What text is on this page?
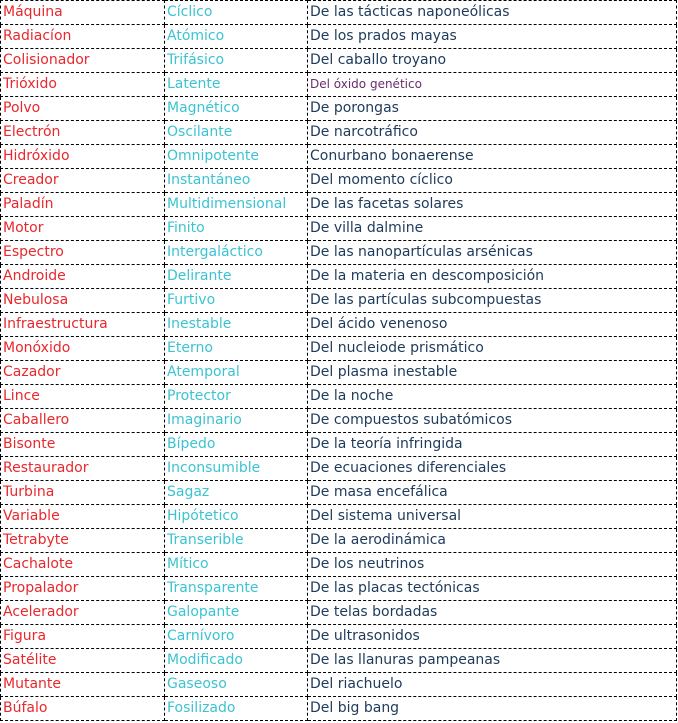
Máquina	Cíclico	De las tácticas naponeólicas
Radiacíon	Atómico	De los prados mayas
Colisionador	Trifásico	Del caballo troyano
Trióxido	Latente	Del óxido genético
Polvo	Magnético	De porongas
Electrón	Oscilante	De narcotráfico
Hidróxido	Omnipotente	Conurbano bonaerense
Creador	Instantáneo	Del momento cíclico
Paladín	Multidimensional	De las facetas solares
Motor	Finito	De villa dalmine
Espectro	Intergaláctico	De las nanopartículas arsénicas
Androide	Delirante	De la materia en descomposición
Nebulosa	Furtivo	De las partículas subcompuestas
Infraestructura	Inestable	Del ácido venenoso
Monóxido	Eterno	Del nucleiode prismático
Cazador	Atemporal	Del plasma inestable
Lince	Protector	De la noche
Caballero	Imaginario	De compuestos subatómicos
Bisonte	Bípedo	De la teoría infringida
Restaurador	Inconsumible	De ecuaciones diferenciales
Turbina	Sagaz	De masa encefálica
Variable	Hipótetico	Del sistema universal
Tetrabyte	Transerible	De la aerodinámica
Cachalote	Mítico	De los neutrinos
Propalador	Transparente	De las placas tectónicas
Acelerador	Galopante	De telas bordadas
Figura	Carnívoro	De ultrasonidos
Satélite	Modificado	De las llanuras pampeanas
Mutante	Gaseoso	Del riachuelo
Búfalo	Fosilizado	Del big bang
